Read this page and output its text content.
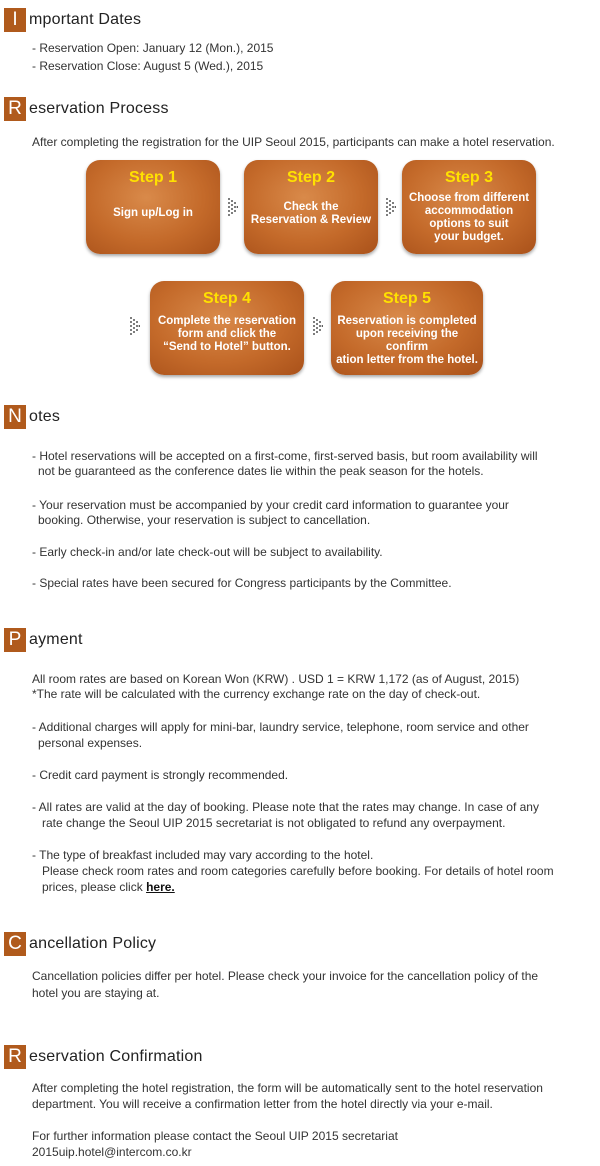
I mportant Dates
- Reservation Open: January 12 (Mon.), 2015
- Reservation Close: August 5 (Wed.), 2015
R eservation Process
After completing the registration for the UIP Seoul 2015, participants can make a hotel reservation.
Step 1
Sign up/Log in
Step 2
Check the
Reservation & Review
Step 3
Choose from different
accommodation
options to suit
your budget.
Step 4
Complete the reservation
form and click the
“Send to Hotel” button.
Step 5
Reservation is completed
upon receiving the confirm
ation letter from the hotel.
N otes
- Hotel reservations will be accepted on a first-come, first-served basis, but room availability will
not be guaranteed as the conference dates lie within the peak season for the hotels.
- Your reservation must be accompanied by your credit card information to guarantee your
booking. Otherwise, your reservation is subject to cancellation.
- Early check-in and/or late check-out will be subject to availability.
- Special rates have been secured for Congress participants by the Committee.
P ayment
All room rates are based on Korean Won (KRW) . USD 1 = KRW 1,172 (as of August, 2015)
*The rate will be calculated with the currency exchange rate on the day of check-out.
- Additional charges will apply for mini-bar, laundry service, telephone, room service and other
personal expenses.
- Credit card payment is strongly recommended.
- All rates are valid at the day of booking. Please note that the rates may change. In case of any
rate change the Seoul UIP 2015 secretariat is not obligated to refund any overpayment.
- The type of breakfast included may vary according to the hotel.
Please check room rates and room categories carefully before booking. For details of hotel room
prices, please click here.
C ancellation Policy
Cancellation policies differ per hotel. Please check your invoice for the cancellation policy of the
hotel you are staying at.
R eservation Confirmation
After completing the hotel registration, the form will be automatically sent to the hotel reservation
department. You will receive a confirmation letter from the hotel directly via your e-mail.
For further information please contact the Seoul UIP 2015 secretariat
2015uip.hotel@intercom.co.kr
